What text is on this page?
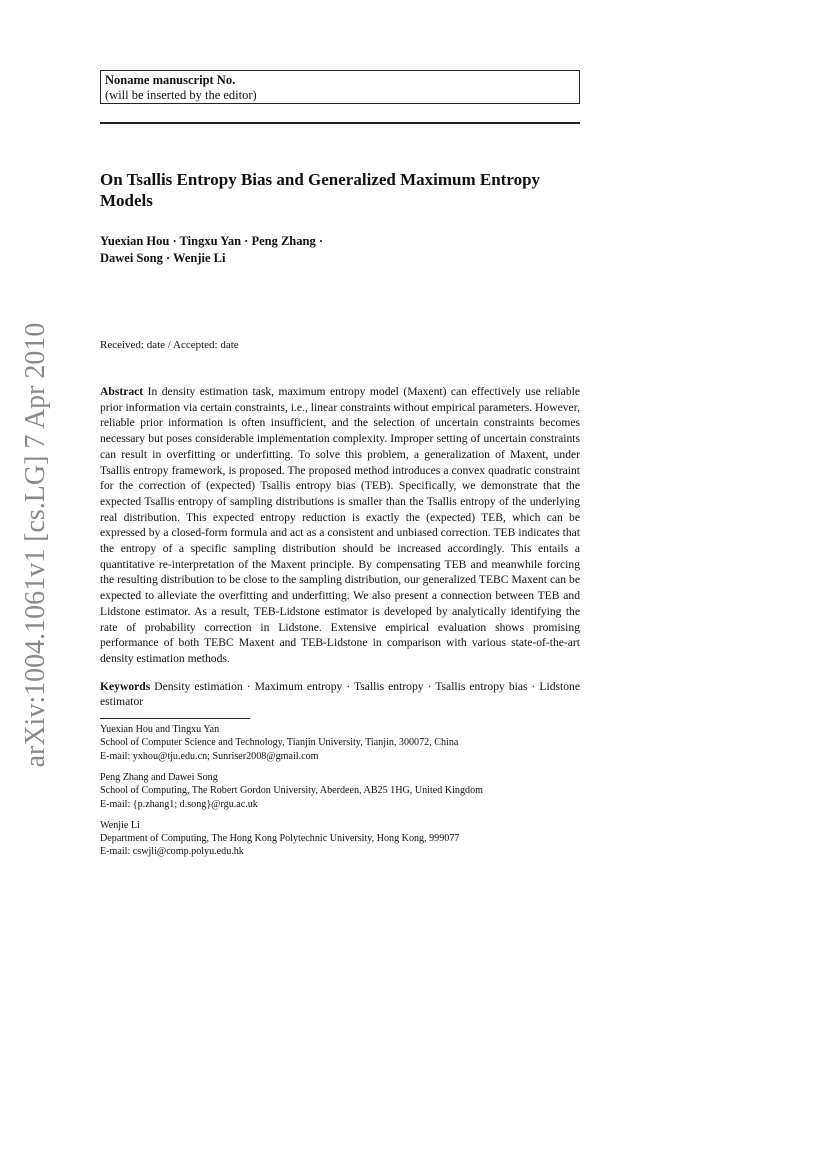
arXiv:1004.1061v1 [cs.LG] 7 Apr 2010
Noname manuscript No.
(will be inserted by the editor)
On Tsallis Entropy Bias and Generalized Maximum Entropy Models
Yuexian Hou · Tingxu Yan · Peng Zhang ·
Dawei Song · Wenjie Li
Received: date / Accepted: date
Abstract In density estimation task, maximum entropy model (Maxent) can effectively use reliable prior information via certain constraints, i.e., linear constraints without empirical parameters. However, reliable prior information is often insufficient, and the selection of uncertain constraints becomes necessary but poses considerable implementation complexity. Improper setting of uncertain constraints can result in overfitting or underfitting. To solve this problem, a generalization of Maxent, under Tsallis entropy framework, is proposed. The proposed method introduces a convex quadratic constraint for the correction of (expected) Tsallis entropy bias (TEB). Specifically, we demonstrate that the expected Tsallis entropy of sampling distributions is smaller than the Tsallis entropy of the underlying real distribution. This expected entropy reduction is exactly the (expected) TEB, which can be expressed by a closed-form formula and act as a consistent and unbiased correction. TEB indicates that the entropy of a specific sampling distribution should be increased accordingly. This entails a quantitative re-interpretation of the Maxent principle. By compensating TEB and meanwhile forcing the resulting distribution to be close to the sampling distribution, our generalized TEBC Maxent can be expected to alleviate the overfitting and underfitting. We also present a connection between TEB and Lidstone estimator. As a result, TEB-Lidstone estimator is developed by analytically identifying the rate of probability correction in Lidstone. Extensive empirical evaluation shows promising performance of both TEBC Maxent and TEB-Lidstone in comparison with various state-of-the-art density estimation methods.
Keywords Density estimation · Maximum entropy · Tsallis entropy · Tsallis entropy bias · Lidstone estimator
Yuexian Hou and Tingxu Yan
School of Computer Science and Technology, Tianjin University, Tianjin, 300072, China
E-mail: yxhou@tju.edu.cn; Sunriser2008@gmail.com
Peng Zhang and Dawei Song
School of Computing, The Robert Gordon University, Aberdeen, AB25 1HG, United Kingdom
E-mail: {p.zhang1; d.song}@rgu.ac.uk
Wenjie Li
Department of Computing, The Hong Kong Polytechnic University, Hong Kong, 999077
E-mail: cswjli@comp.polyu.edu.hk
